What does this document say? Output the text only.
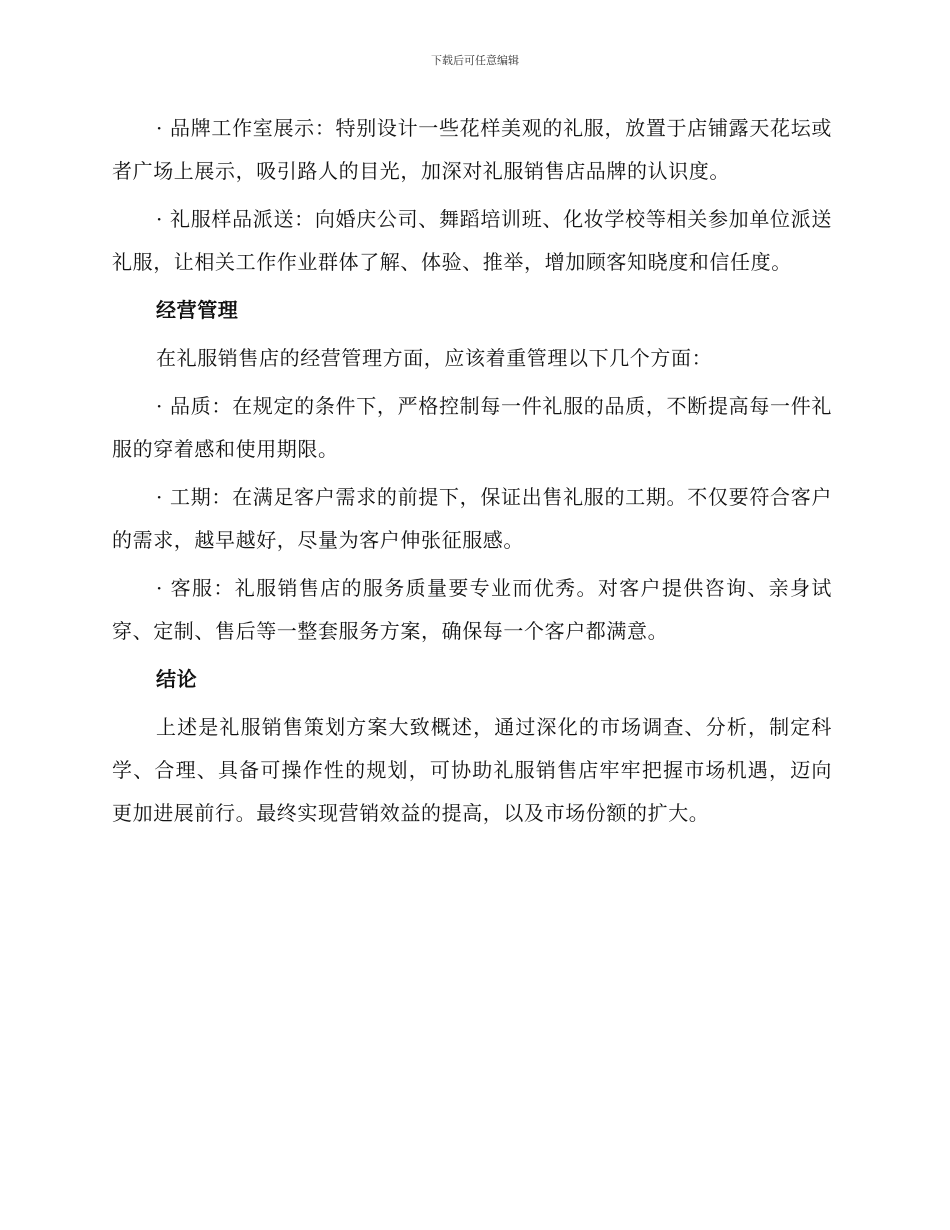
下载后可任意编辑

· 品牌工作室展示：特别设计一些花样美观的礼服，放置于店铺露天花坛或者广场上展示，吸引路人的目光，加深对礼服销售店品牌的认识度。

· 礼服样品派送：向婚庆公司、舞蹈培训班、化妆学校等相关参加单位派送礼服，让相关工作作业群体了解、体验、推举，增加顾客知晓度和信任度。

经营管理

在礼服销售店的经营管理方面，应该着重管理以下几个方面：

· 品质：在规定的条件下，严格控制每一件礼服的品质，不断提高每一件礼服的穿着感和使用期限。

· 工期：在满足客户需求的前提下，保证出售礼服的工期。不仅要符合客户的需求，越早越好，尽量为客户伸张征服感。

· 客服：礼服销售店的服务质量要专业而优秀。对客户提供咨询、亲身试穿、定制、售后等一整套服务方案，确保每一个客户都满意。

结论

上述是礼服销售策划方案大致概述，通过深化的市场调查、分析，制定科学、合理、具备可操作性的规划，可协助礼服销售店牢牢把握市场机遇，迈向更加进展前行。最终实现营销效益的提高，以及市场份额的扩大。
